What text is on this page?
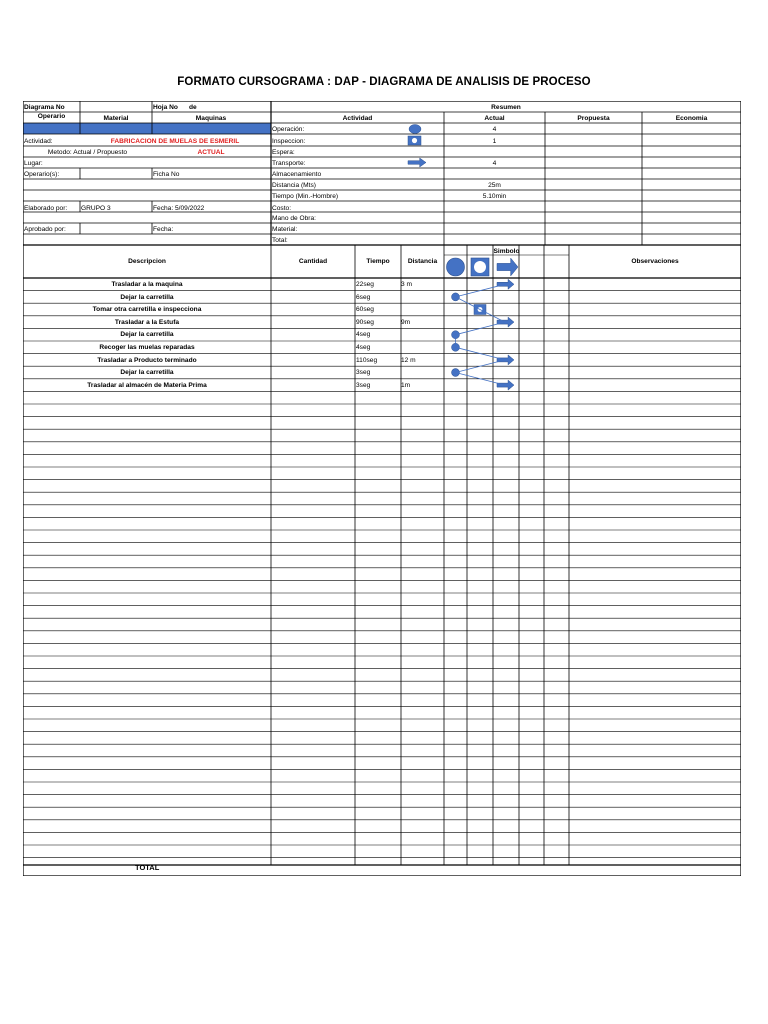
FORMATO CURSOGRAMA : DAP - DIAGRAMA DE ANALISIS DE PROCESO
Diagrama No	Hoja No de	Resumen
Operario	Material	Maquinas	Actividad	Actual	Propuesta	Economia
Actividad:	FABRICACION DE MUELAS DE ESMERIL
Metodo: Actual / Propuesto	ACTUAL
Lugar:
Operario(s):	Ficha No
Elaborado por: GRUPO 3	Fecha: 5/09/2022
Aprobado por:	Fecha:
Operación:	4
Inspeccion:	1
Espera:
Transporte:	4
Almacenamiento
Distancia (Mts)	25m
Tiempo (Min.-Hombre)	5.10min
Costo:
Mano de Obra:
Material:
Total:
Descripcion	Cantidad	Tiempo	Distancia
Simbolo
Observaciones
Trasladar a la maquina	22seg	3 m
Dejar la carretilla	6seg
Tomar otra carretilla e inspecciona	60seg
Trasladar a la Estufa	90seg	9m
Dejar la carretilla	4seg
Recoger las muelas reparadas	4seg
Trasladar a Producto terminado	110seg	12 m
Dejar la carretilla	3seg
Trasladar al almacén de Materia Prima	3seg	1m
TOTAL
